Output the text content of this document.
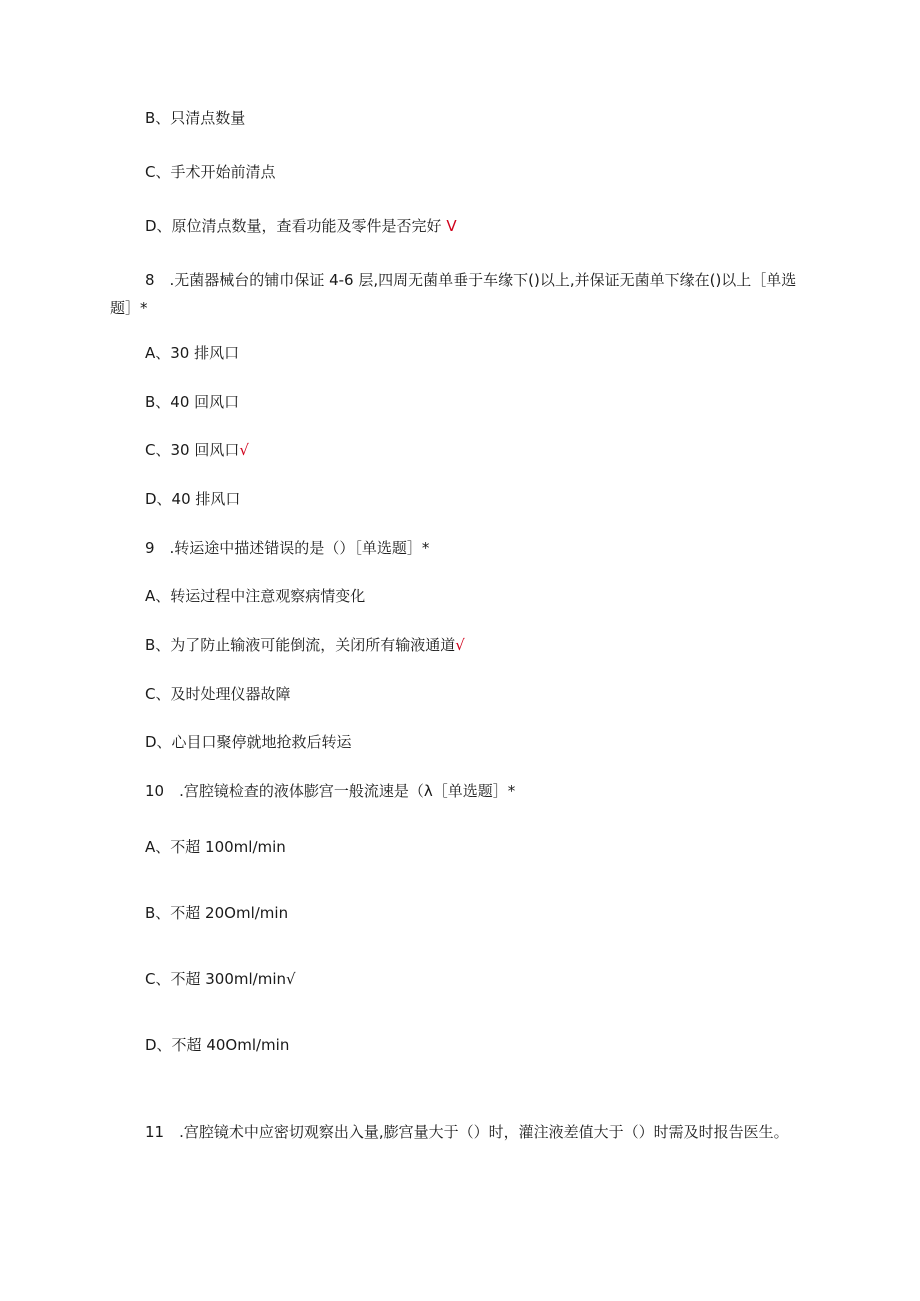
B、只清点数量
C、手术开始前清点
D、原位清点数量，查看功能及零件是否完好 V
8　.无菌器械台的铺巾保证 4-6 层,四周无菌单垂于车缘下()以上,并保证无菌单下缘在()以上［单选
题］*
A、30 排风口
B、40 回风口
C、30 回风口√
D、40 排风口
9　.转运途中描述错误的是（）［单选题］*
A、转运过程中注意观察病情变化
B、为了防止输液可能倒流，关闭所有输液通道√
C、及时处理仪器故障
D、心目口聚停就地抢救后转运
10　.宫腔镜检查的液体膨宫一般流速是（λ［单选题］*
A、不超 100ml∕min
B、不超 20Oml∕min
C、不超 300ml∕min√
D、不超 40Oml∕min
11　.宫腔镜术中应密切观察出入量,膨宫量大于（）时，灌注液差值大于（）时需及时报告医生。
